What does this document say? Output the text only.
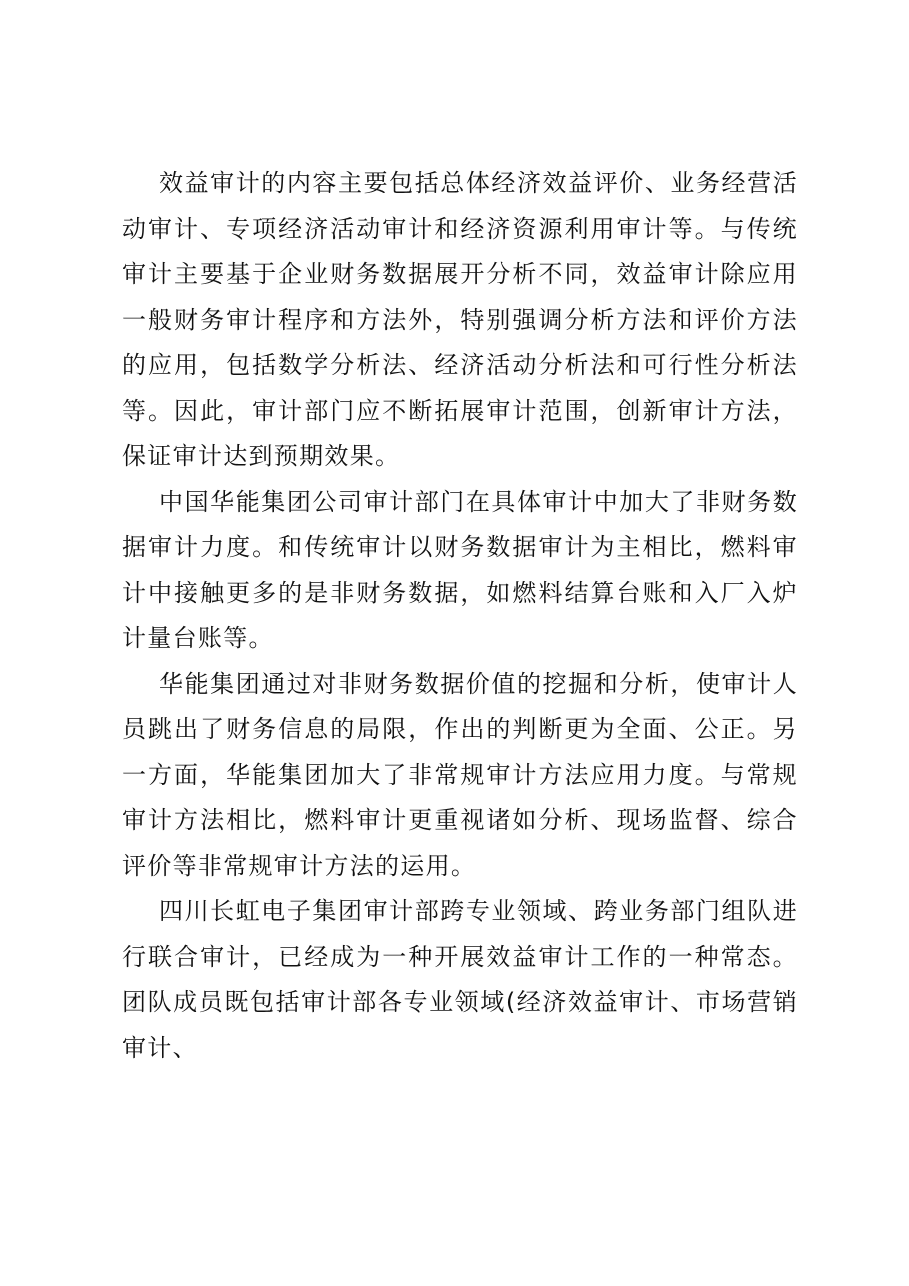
效益审计的内容主要包括总体经济效益评价、业务经营活动审计、专项经济活动审计和经济资源利用审计等。与传统审计主要基于企业财务数据展开分析不同，效益审计除应用一般财务审计程序和方法外，特别强调分析方法和评价方法的应用，包括数学分析法、经济活动分析法和可行性分析法等。因此，审计部门应不断拓展审计范围，创新审计方法，保证审计达到预期效果。

中国华能集团公司审计部门在具体审计中加大了非财务数据审计力度。和传统审计以财务数据审计为主相比，燃料审计中接触更多的是非财务数据，如燃料结算台账和入厂入炉计量台账等。

华能集团通过对非财务数据价值的挖掘和分析，使审计人员跳出了财务信息的局限，作出的判断更为全面、公正。另一方面，华能集团加大了非常规审计方法应用力度。与常规审计方法相比，燃料审计更重视诸如分析、现场监督、综合评价等非常规审计方法的运用。

四川长虹电子集团审计部跨专业领域、跨业务部门组队进行联合审计，已经成为一种开展效益审计工作的一种常态。团队成员既包括审计部各专业领域(经济效益审计、市场营销审计、
